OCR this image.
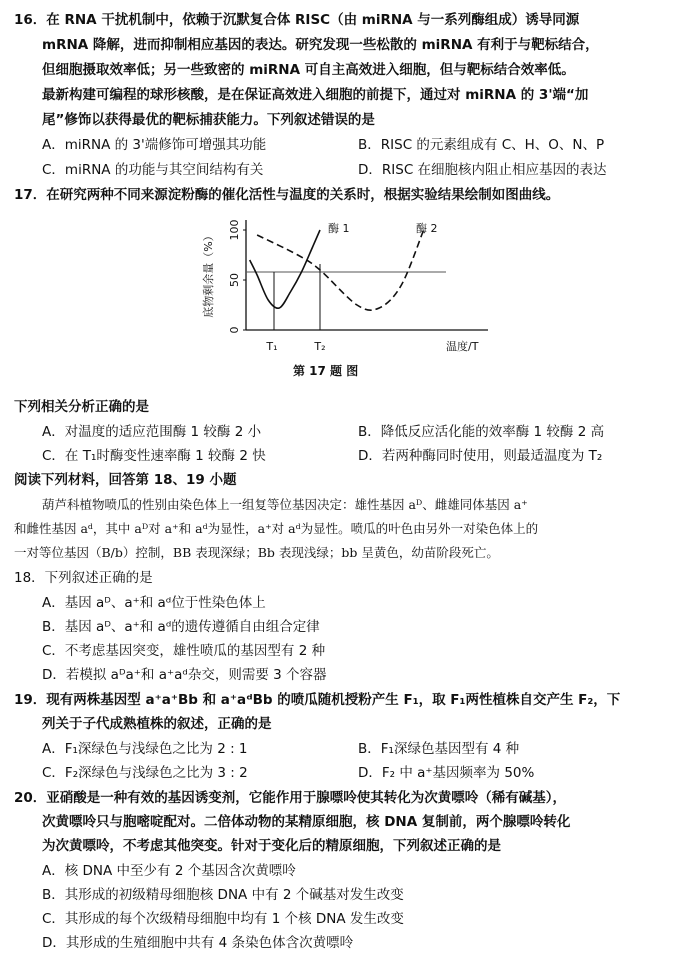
16．在 RNA 干扰机制中，依赖于沉默复合体 RISC（由 miRNA 与一系列酶组成）诱导同源
mRNA 降解，进而抑制相应基因的表达。研究发现一些松散的 miRNA 有利于与靶标结合，
但细胞摄取效率低；另一些致密的 miRNA 可自主高效进入细胞，但与靶标结合效率低。
最新构建可编程的球形核酸，是在保证高效进入细胞的前提下，通过对 miRNA 的 3'端“加
尾”修饰以获得最优的靶标捕获能力。下列叙述错误的是
A．miRNA 的 3'端修饰可增强其功能	B．RISC 的元素组成有 C、H、O、N、P
C．miRNA 的功能与其空间结构有关	D．RISC 在细胞核内阻止相应基因的表达
17．在研究两种不同来源淀粉酶的催化活性与温度的关系时，根据实验结果绘制如图曲线。
底物剩余量（%）
0
50
100	酶 1	酶 2
T₁	T₂	温度/T
第 17 题 图
下列相关分析正确的是
A．对温度的适应范围酶 1 较酶 2 小	B．降低反应活化能的效率酶 1 较酶 2 高
C．在 T₁时酶变性速率酶 1 较酶 2 快	D．若两种酶同时使用，则最适温度为 T₂
阅读下列材料，回答第 18、19 小题
葫芦科植物喷瓜的性别由染色体上一组复等位基因决定：雄性基因 aᴰ、雌雄同体基因 a⁺
和雌性基因 aᵈ，其中 aᴰ对 a⁺和 aᵈ为显性，a⁺对 aᵈ为显性。喷瓜的叶色由另外一对染色体上的
一对等位基因（B/b）控制，BB 表现深绿；Bb 表现浅绿；bb 呈黄色，幼苗阶段死亡。
18．下列叙述正确的是
A．基因 aᴰ、a⁺和 aᵈ位于性染色体上
B．基因 aᴰ、a⁺和 aᵈ的遗传遵循自由组合定律
C．不考虑基因突变，雄性喷瓜的基因型有 2 种
D．若模拟 aᴰa⁺和 a⁺aᵈ杂交，则需要 3 个容器
19．现有两株基因型 a⁺a⁺Bb 和 a⁺aᵈBb 的喷瓜随机授粉产生 F₁，取 F₁两性植株自交产生 F₂，下
列关于子代成熟植株的叙述，正确的是
A．F₁深绿色与浅绿色之比为 2 : 1	B．F₁深绿色基因型有 4 种
C．F₂深绿色与浅绿色之比为 3 : 2	D．F₂ 中 a⁺基因频率为 50%
20．亚硝酸是一种有效的基因诱变剂，它能作用于腺嘌呤使其转化为次黄嘌呤（稀有碱基），
次黄嘌呤只与胞嘧啶配对。二倍体动物的某精原细胞，核 DNA 复制前，两个腺嘌呤转化
为次黄嘌呤，不考虑其他突变。针对于变化后的精原细胞，下列叙述正确的是
A．核 DNA 中至少有 2 个基因含次黄嘌呤
B．其形成的初级精母细胞核 DNA 中有 2 个碱基对发生改变
C．其形成的每个次级精母细胞中均有 1 个核 DNA 发生改变
D．其形成的生殖细胞中共有 4 条染色体含次黄嘌呤
